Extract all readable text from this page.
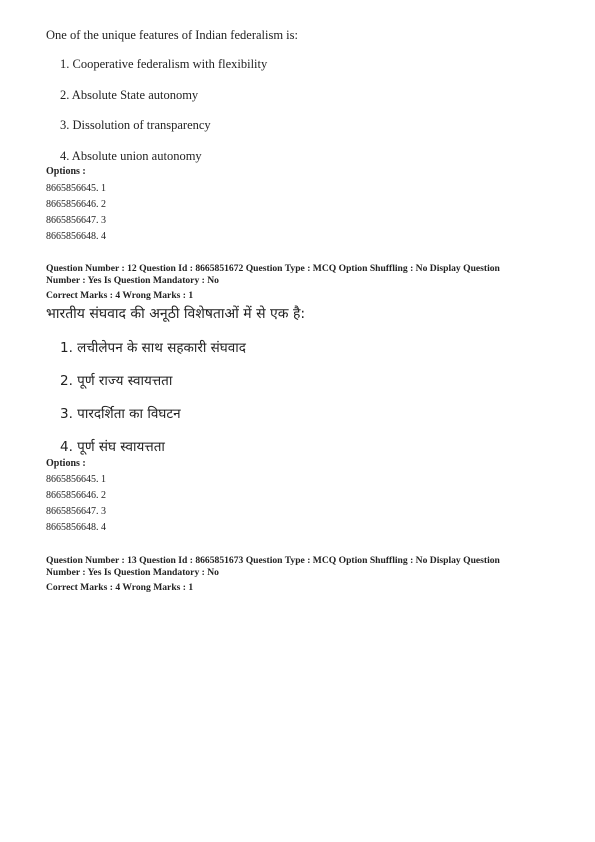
One of the unique features of Indian federalism is:
1. Cooperative federalism with flexibility
2. Absolute State autonomy
3. Dissolution of transparency
4. Absolute union autonomy
Options :
8665856645. 1
8665856646. 2
8665856647. 3
8665856648. 4
Question Number : 12 Question Id : 8665851672 Question Type : MCQ Option Shuffling : No Display Question
Number : Yes Is Question Mandatory : No
Correct Marks : 4 Wrong Marks : 1
भारतीय संघवाद की अनूठी विशेषताओं में से एक है:
1. लचीलेपन के साथ सहकारी संघवाद
2. पूर्ण राज्य स्वायत्तता
3. पारदर्शिता का विघटन
4. पूर्ण संघ स्वायत्तता
Options :
8665856645. 1
8665856646. 2
8665856647. 3
8665856648. 4
Question Number : 13 Question Id : 8665851673 Question Type : MCQ Option Shuffling : No Display Question
Number : Yes Is Question Mandatory : No
Correct Marks : 4 Wrong Marks : 1
